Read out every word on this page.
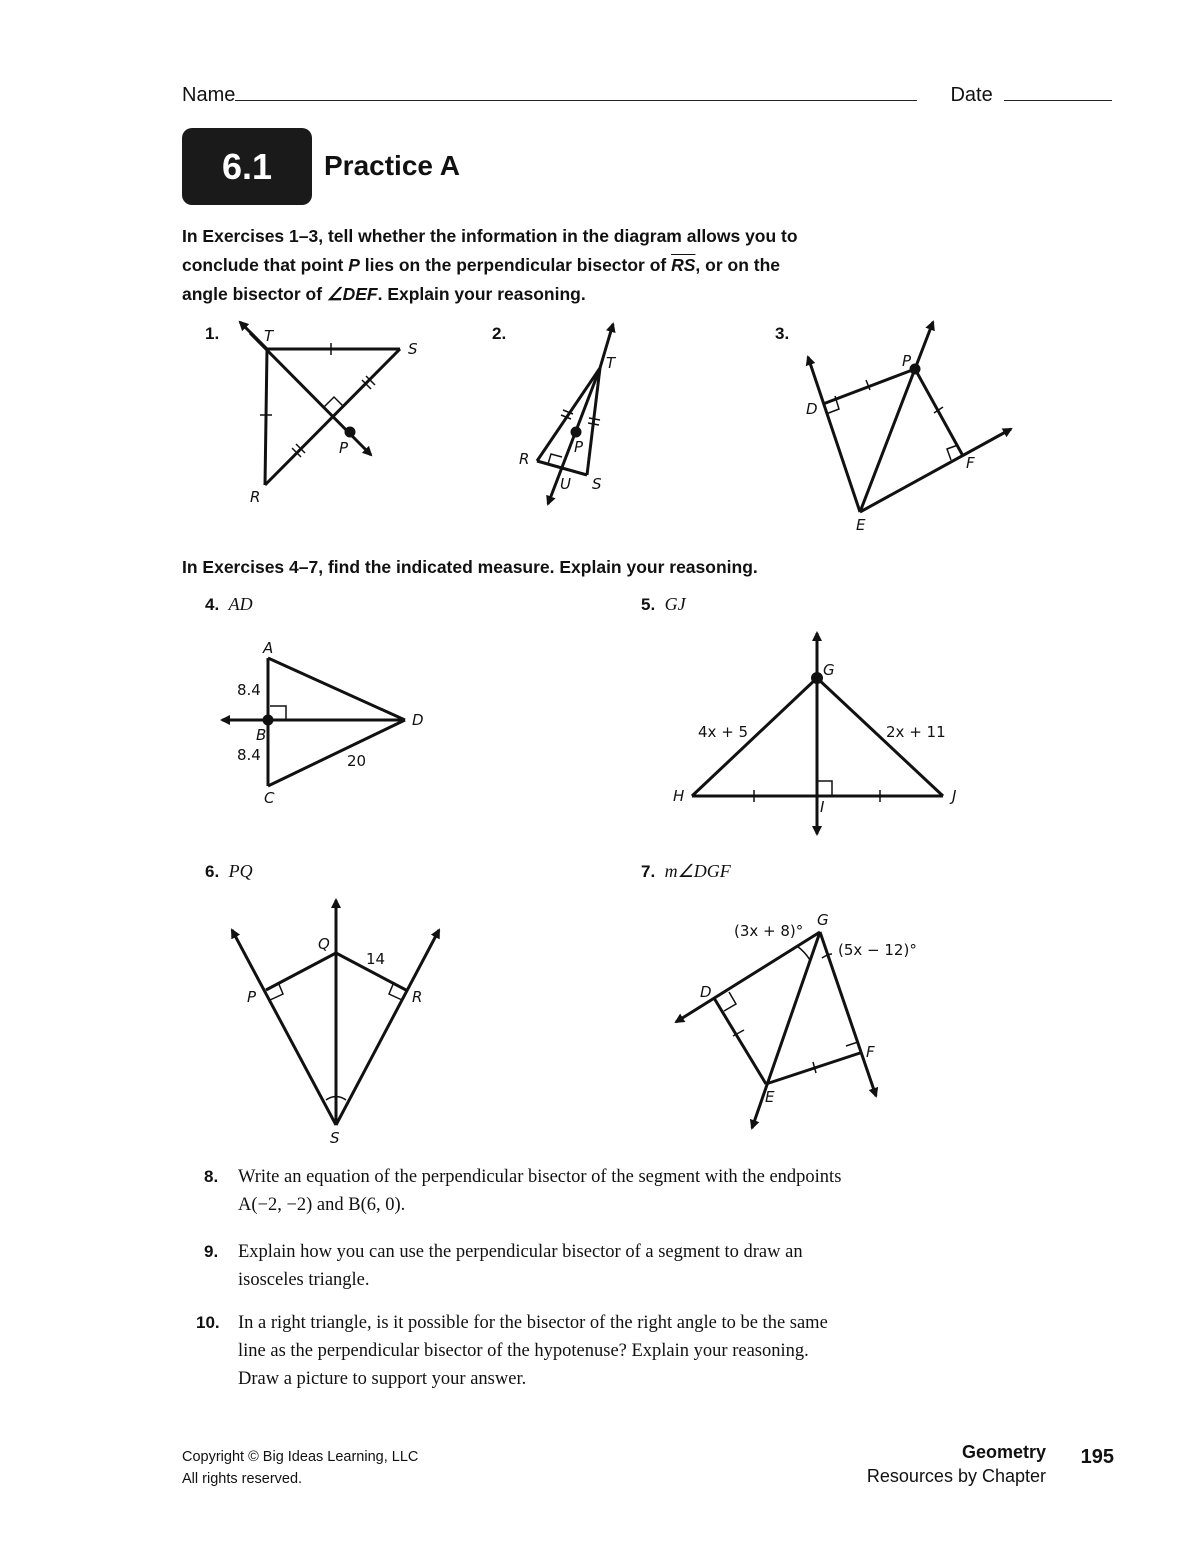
Name	Date
6.1 Practice A
In Exercises 1–3, tell whether the information in the diagram allows you to
conclude that point P lies on the perpendicular bisector of $\overline{RS}$, or on the
angle bisector of ∠DEF. Explain your reasoning.
1.	2.	3.
T
S
P
R
T
P
R
U S
P
D
F
E
A
B
C
D
8.4
8.4	20
G
H
I
J
4x + 5	2x + 11
Q
P	R
S
14
G
D
E
F
(3x + 8)°
(5x − 12)°
In Exercises 4–7, find the indicated measure. Explain your reasoning.
4. AD	5. GJ
6. PQ	7. m∠DGF
8. Write an equation of the perpendicular bisector of the segment with the endpoints
A(−2, −2) and B(6, 0).
9. Explain how you can use the perpendicular bisector of a segment to draw an
isosceles triangle.
10. In a right triangle, is it possible for the bisector of the right angle to be the same
line as the perpendicular bisector of the hypotenuse? Explain your reasoning.
Draw a picture to support your answer.
Copyright © Big Ideas Learning, LLC
All rights reserved.
Geometry
Resources by Chapter
195
